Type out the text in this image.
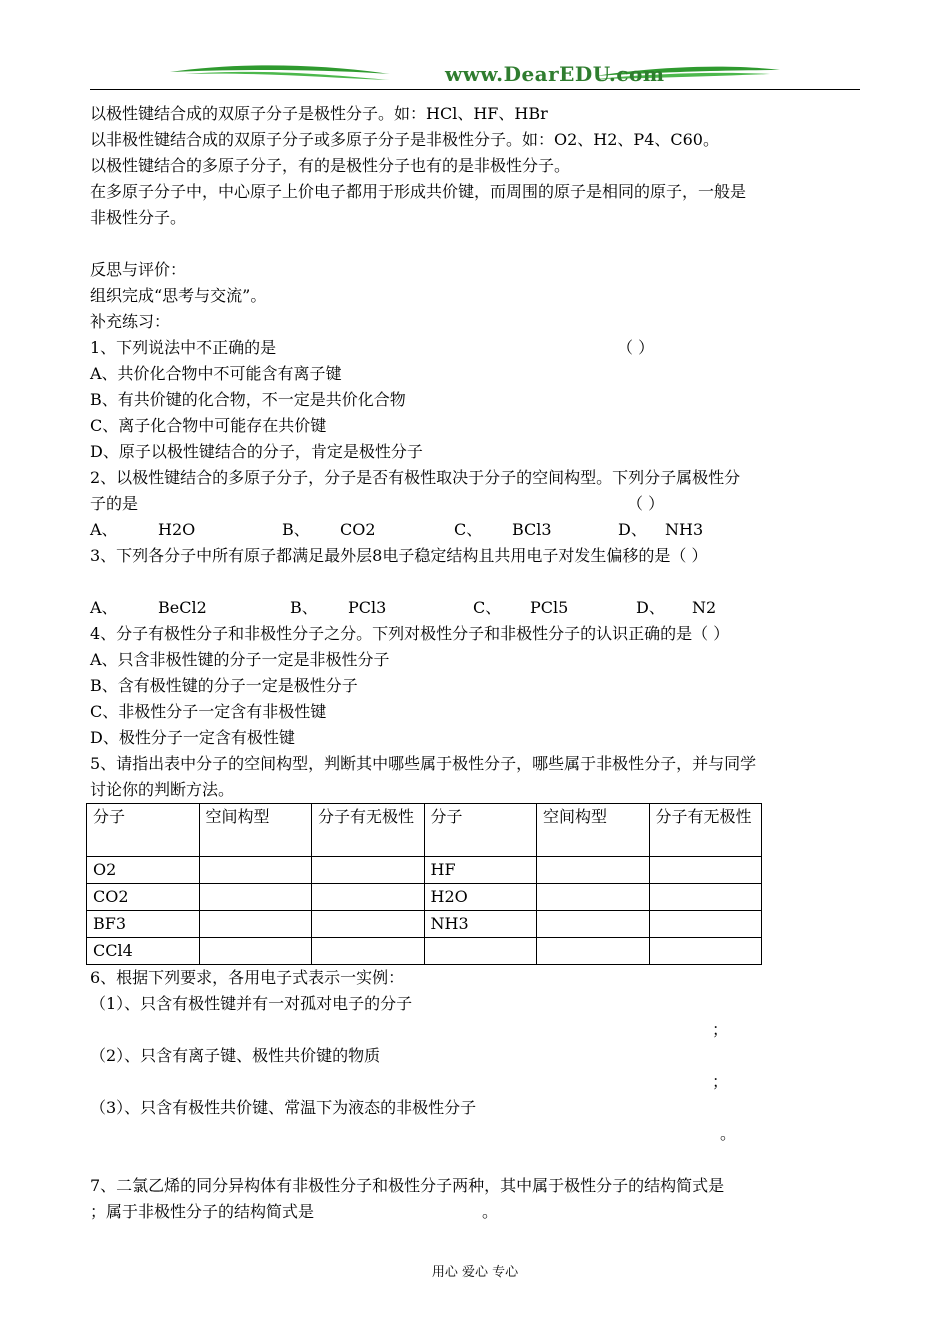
www.DearEDU.com
以极性键结合成的双原子分子是极性分子。如：HCl、HF、HBr
以非极性键结合成的双原子分子或多原子分子是非极性分子。如：O2、H2、P4、C60。
以极性键结合的多原子分子，有的是极性分子也有的是非极性分子。
在多原子分子中，中心原子上价电子都用于形成共价键，而周围的原子是相同的原子，一般是
非极性分子。
反思与评价：
组织完成“思考与交流”。
补充练习：
1、下列说法中不正确的是	（ ）
A、共价化合物中不可能含有离子键
B、有共价键的化合物，不一定是共价化合物
C、离子化合物中可能存在共价键
D、原子以极性键结合的分子，肯定是极性分子
2、以极性键结合的多原子分子，分子是否有极性取决于分子的空间构型。下列分子属极性分
子的是	（ ）
A、	H2O	B、 CO2	C、 BCl3	D、 NH3
3、下列各分子中所有原子都满足最外层8电子稳定结构且共用电子对发生偏移的是（ ）
A、	BeCl2	B、 PCl3	C、 PCl5	D、 N2
4、分子有极性分子和非极性分子之分。下列对极性分子和非极性分子的认识正确的是（ ）
A、只含非极性键的分子一定是非极性分子
B、含有极性键的分子一定是极性分子
C、非极性分子一定含有非极性键
D、极性分子一定含有极性键
5、请指出表中分子的空间构型，判断其中哪些属于极性分子，哪些属于非极性分子，并与同学
讨论你的判断方法。
分子	空间构型	分子有无极性	分子	空间构型	分子有无极性
O2			HF		
CO2			H2O		
BF3			NH3		
CCl4					
6、根据下列要求，各用电子式表示一实例：
（1）、只含有极性键并有一对孤对电子的分子
；
（2）、只含有离子键、极性共价键的物质
；
（3）、只含有极性共价键、常温下为液态的非极性分子
。
7、二氯乙烯的同分异构体有非极性分子和极性分子两种，其中属于极性分子的结构简式是
；属于非极性分子的结构简式是	。
用心 爱心 专心
